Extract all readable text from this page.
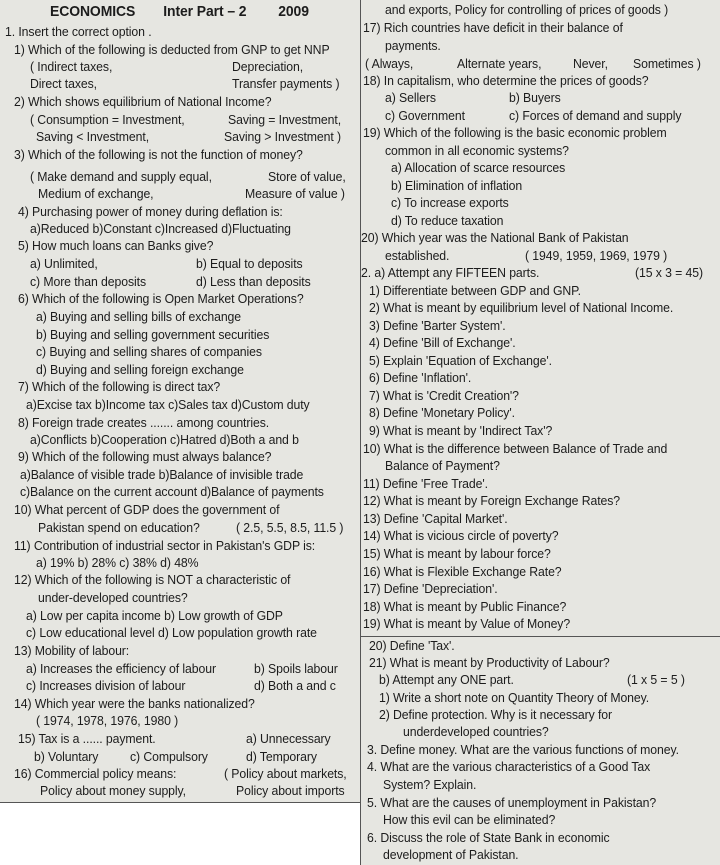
ECONOMICS Inter Part – 2 2009
1. Insert the correct option .
1) Which of the following is deducted from GNP to get NNP
( Indirect taxes,	Depreciation,
Direct taxes,	Transfer payments )
2) Which shows equilibrium of National Income?
( Consumption = Investment,	Saving = Investment,
Saving < Investment,	Saving > Investment )
3) Which of the following is not the function of money?
( Make demand and supply equal,	Store of value,
Medium of exchange,	Measure of value )
4) Purchasing power of money during deflation is:
a)Reduced b)Constant c)Increased d)Fluctuating
5) How much loans can Banks give?
a) Unlimited,	b) Equal to deposits
c) More than deposits	d) Less than deposits
6) Which of the following is Open Market Operations?
a) Buying and selling bills of exchange
b) Buying and selling government securities
c) Buying and selling shares of companies
d) Buying and selling foreign exchange
7) Which of the following is direct tax?
a)Excise tax b)Income tax c)Sales tax d)Custom duty
8) Foreign trade creates ....... among countries.
a)Conflicts b)Cooperation c)Hatred d)Both a and b
9) Which of the following must always balance?
a)Balance of visible trade b)Balance of invisible trade
c)Balance on the current account d)Balance of payments
10) What percent of GDP does the government of
Pakistan spend on education?	( 2.5, 5.5, 8.5, 11.5 )
11) Contribution of industrial sector in Pakistan's GDP is:
a) 19% b) 28% c) 38% d) 48%
12) Which of the following is NOT a characteristic of
under-developed countries?
a) Low per capita income b) Low growth of GDP
c) Low educational level d) Low population growth rate
13) Mobility of labour:
a) Increases the efficiency of labour	b) Spoils labour
c) Increases division of labour	d) Both a and c
14) Which year were the banks nationalized?
( 1974, 1978, 1976, 1980 )
15) Tax is a ...... payment.	a) Unnecessary
b) Voluntary c) Compulsory	d) Temporary
16) Commercial policy means:	( Policy about markets,
Policy about money supply,	Policy about imports
and exports, Policy for controlling of prices of goods )
17) Rich countries have deficit in their balance of
payments.
( Always,	Alternate years, Never, Sometimes )
18) In capitalism, who determine the prices of goods?
a) Sellers	b) Buyers
c) Government	c) Forces of demand and supply
19) Which of the following is the basic economic problem
common in all economic systems?
a) Allocation of scarce resources
b) Elimination of inflation
c) To increase exports
d) To reduce taxation
20) Which year was the National Bank of Pakistan
established.	( 1949, 1959, 1969, 1979 )
2. a) Attempt any FIFTEEN parts.	(15 x 3 = 45)
1) Differentiate between GDP and GNP.
2) What is meant by equilibrium level of National Income.
3) Define 'Barter System'.
4) Define 'Bill of Exchange'.
5) Explain 'Equation of Exchange'.
6) Define 'Inflation'.
7) What is 'Credit Creation'?
8) Define 'Monetary Policy'.
9) What is meant by 'Indirect Tax'?
10) What is the difference between Balance of Trade and
Balance of Payment?
11) Define 'Free Trade'.
12) What is meant by Foreign Exchange Rates?
13) Define 'Capital Market'.
14) What is vicious circle of poverty?
15) What is meant by labour force?
16) What is Flexible Exchange Rate?
17) Define 'Depreciation'.
18) What is meant by Public Finance?
19) What is meant by Value of Money?
20) Define 'Tax'.
21) What is meant by Productivity of Labour?
b) Attempt any ONE part.	(1 x 5 = 5 )
1) Write a short note on Quantity Theory of Money.
2) Define protection. Why is it necessary for
underdeveloped countries?
3. Define money. What are the various functions of money.
4. What are the various characteristics of a Good Tax
System? Explain.
5. What are the causes of unemployment in Pakistan?
How this evil can be eliminated?
6. Discuss the role of State Bank in economic
development of Pakistan.
